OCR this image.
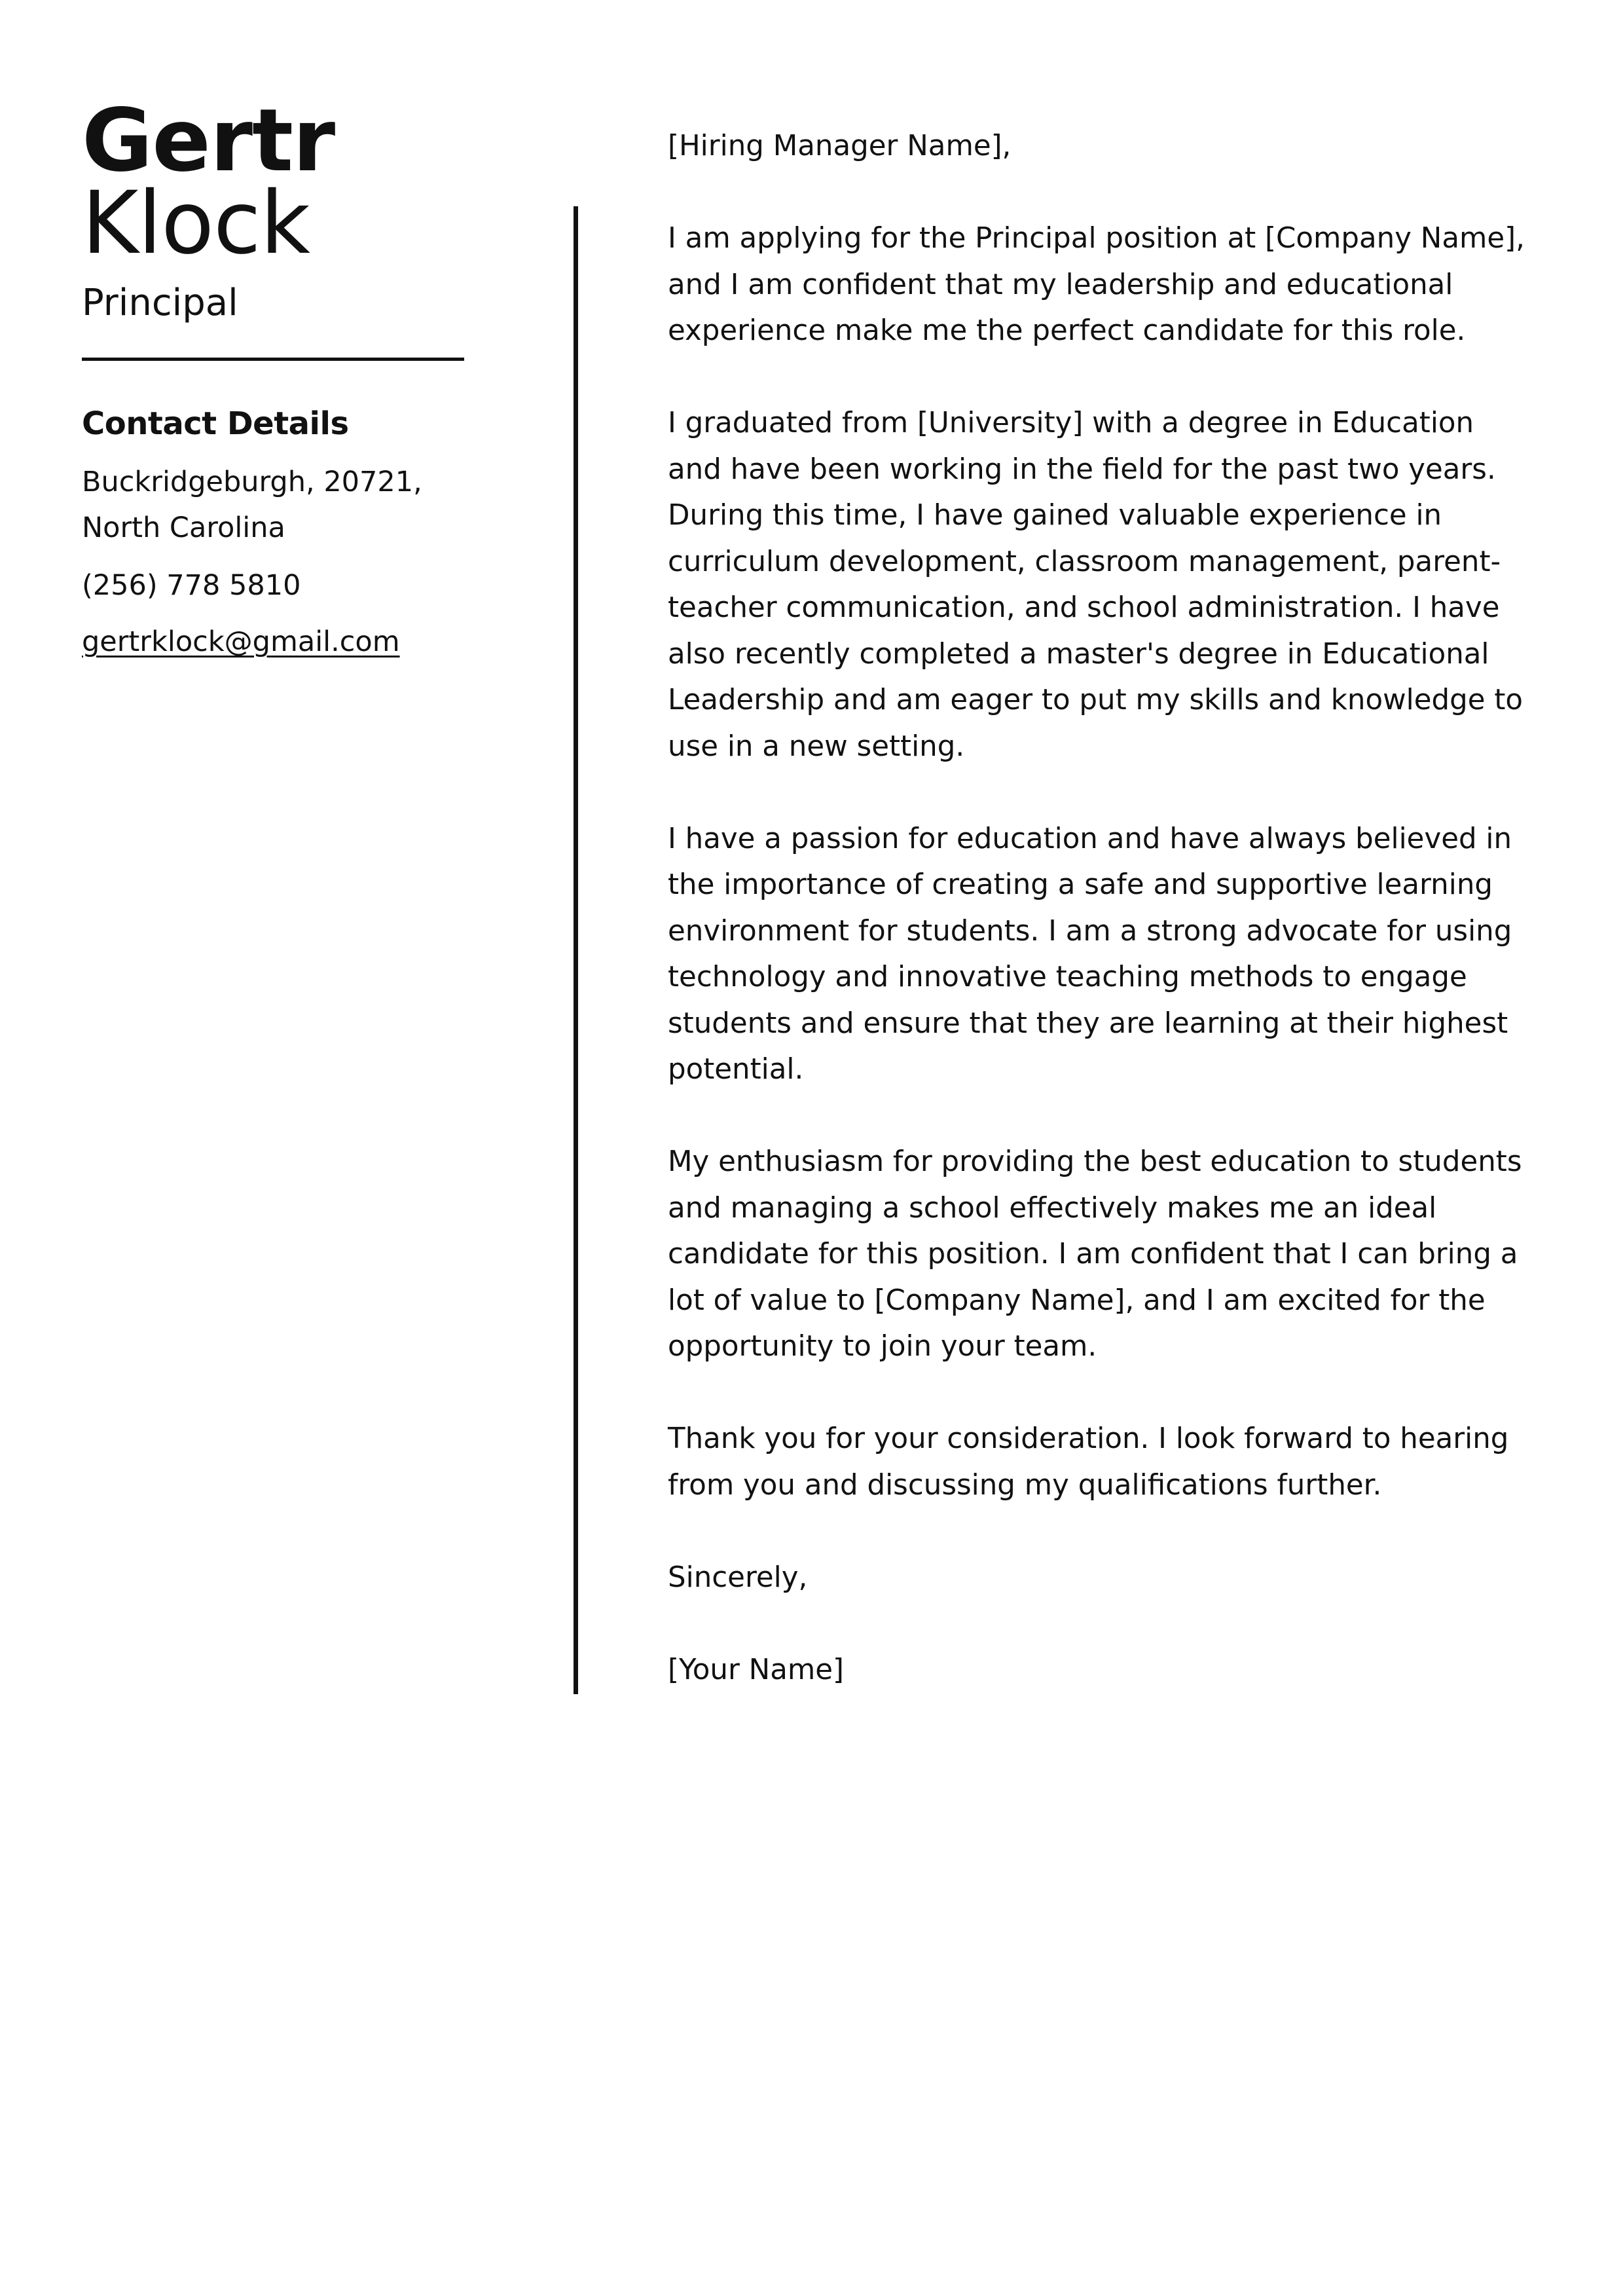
Gertr
Klock
Principal
Contact Details
Buckridgeburgh, 20721,
North Carolina
(256) 778 5810
gertrklock@gmail.com

[Hiring Manager Name],

I am applying for the Principal position at [Company Name], and I am confident that my leadership and educational experience make me the perfect candidate for this role.

I graduated from [University] with a degree in Education and have been working in the field for the past two years. During this time, I have gained valuable experience in curriculum development, classroom management, parent-teacher communication, and school administration. I have also recently completed a master's degree in Educational Leadership and am eager to put my skills and knowledge to use in a new setting.

I have a passion for education and have always believed in the importance of creating a safe and supportive learning environment for students. I am a strong advocate for using technology and innovative teaching methods to engage students and ensure that they are learning at their highest potential.

My enthusiasm for providing the best education to students and managing a school effectively makes me an ideal candidate for this position. I am confident that I can bring a lot of value to [Company Name], and I am excited for the opportunity to join your team.

Thank you for your consideration. I look forward to hearing from you and discussing my qualifications further.

Sincerely,

[Your Name]
